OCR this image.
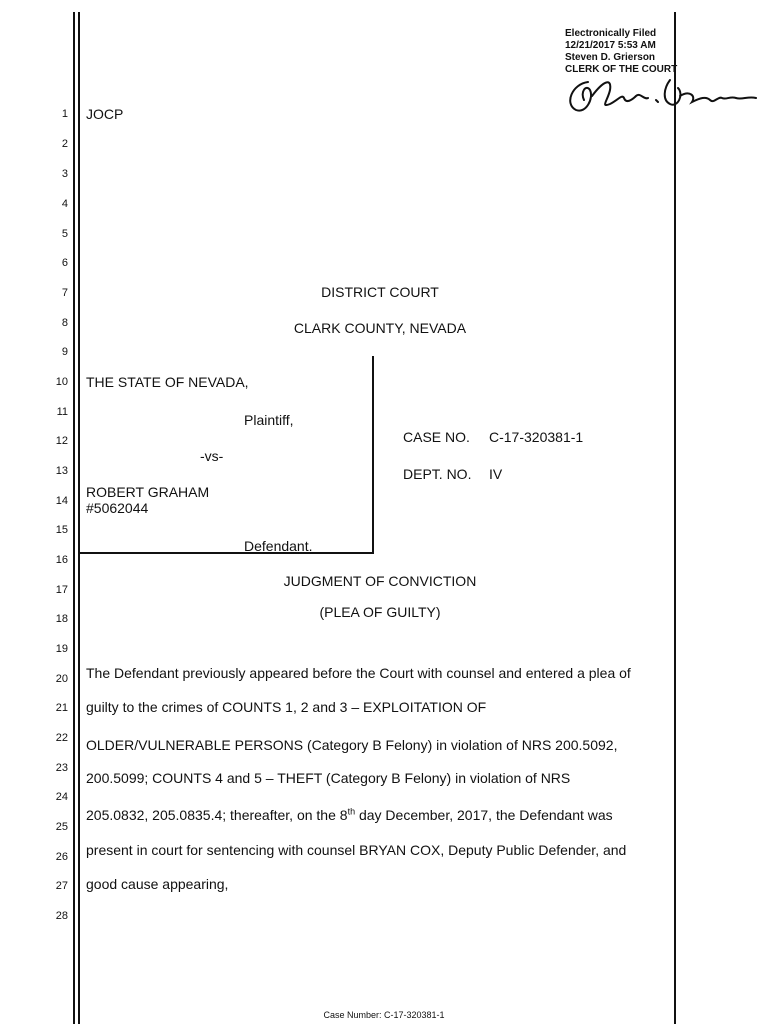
Electronically Filed
12/21/2017 5:53 AM
Steven D. Grierson
CLERK OF THE COURT
1
2
3
4
5
6
7
8
9
10
11
12
13
14
15
16
17
18
19
20
21
22
23
24
25
26
27
28
JOCP
DISTRICT COURT
CLARK COUNTY, NEVADA
THE STATE OF NEVADA,
Plaintiff,
-vs-
ROBERT GRAHAM
#5062044
Defendant.
CASE NO. C-17-320381-1
DEPT. NO. IV
JUDGMENT OF CONVICTION
(PLEA OF GUILTY)
The Defendant previously appeared before the Court with counsel and entered a plea of
guilty to the crimes of COUNTS 1, 2 and 3 – EXPLOITATION OF
OLDER/VULNERABLE PERSONS (Category B Felony) in violation of NRS 200.5092,
200.5099; COUNTS 4 and 5 – THEFT (Category B Felony) in violation of NRS
205.0832, 205.0835.4; thereafter, on the 8th day December, 2017, the Defendant was
present in court for sentencing with counsel BRYAN COX, Deputy Public Defender, and
good cause appearing,
Case Number: C-17-320381-1
